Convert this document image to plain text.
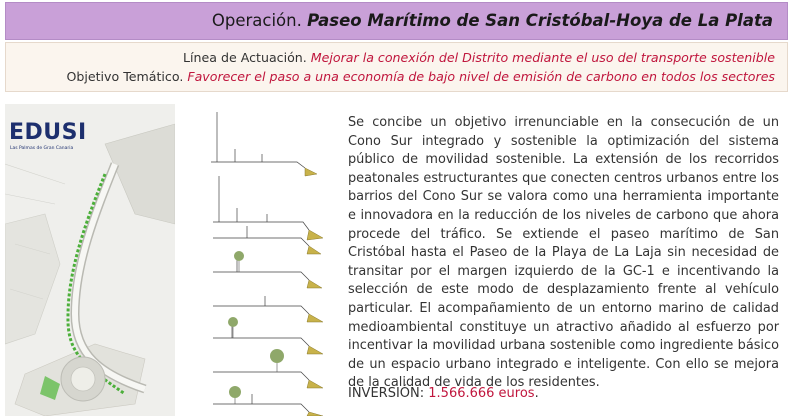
Operación. Paseo Marítimo de San Cristóbal-Hoya de La Plata
Línea de Actuación. Mejorar la conexión del Distrito mediante el uso del transporte sostenible
Objetivo Temático. Favorecer el paso a una economía de bajo nivel de emisión de carbono en todos los sectores
EDUSI
Las Palmas de Gran Canaria
Se concibe un objetivo irrenunciable en la consecución de un Cono Sur integrado y sostenible la optimización del sistema público de movilidad sostenible. La extensión de los recorridos peatonales estructurantes que conecten centros urbanos entre los barrios del Cono Sur se valora como una herramienta importante e innovadora en la reducción de los niveles de carbono que ahora procede del tráfico. Se extiende el paseo marítimo de San Cristóbal hasta el Paseo de la Playa de La Laja sin necesidad de transitar por el margen izquierdo de la GC-1 e incentivando la selección de este modo de desplazamiento frente al vehículo particular. El acompañamiento de un entorno marino de calidad medioambiental constituye un atractivo añadido al esfuerzo por incentivar la movilidad urbana sostenible como ingrediente básico de un espacio urbano integrado e inteligente. Con ello se mejora de la calidad de vida de los residentes.
INVERSIÓN: 1.566.666 euros.
